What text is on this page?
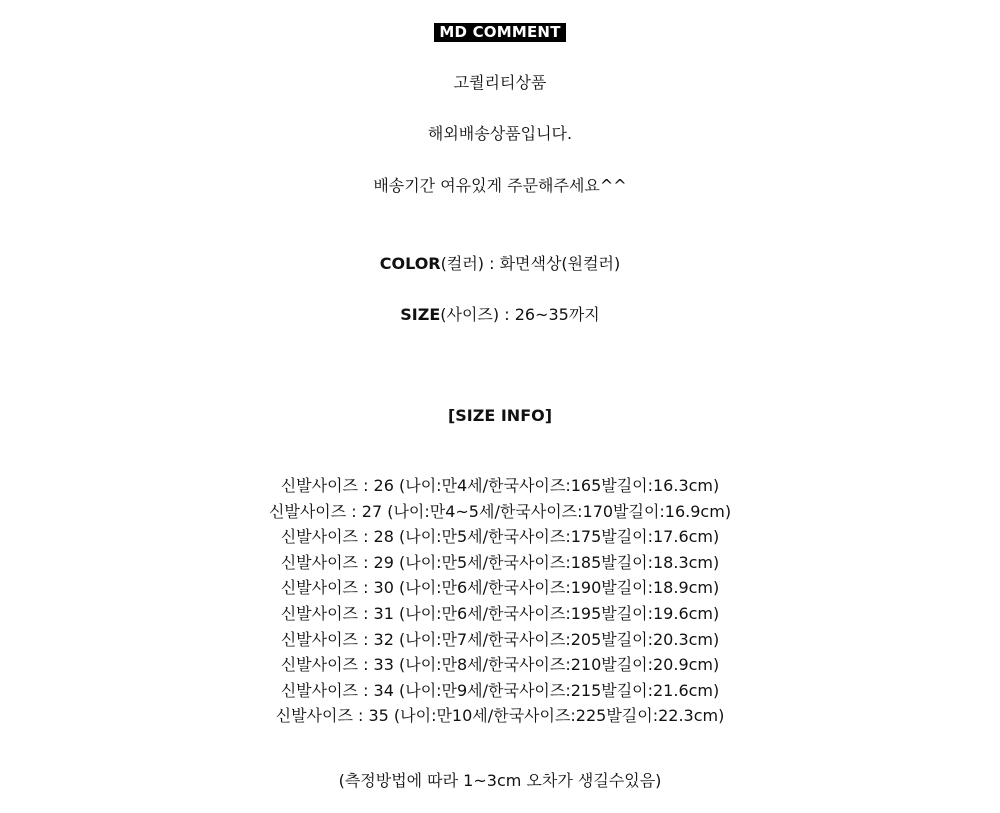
MD COMMENT
고퀄리티상품
해외배송상품입니다.
배송기간 여유있게 주문해주세요^^
COLOR(컬러) : 화면색상(원컬러)
SIZE(사이즈) : 26~35까지
[SIZE INFO]
신발사이즈 : 26 (나이:만4세/한국사이즈:165발길이:16.3cm)
신발사이즈 : 27 (나이:만4~5세/한국사이즈:170발길이:16.9cm)
신발사이즈 : 28 (나이:만5세/한국사이즈:175발길이:17.6cm)
신발사이즈 : 29 (나이:만5세/한국사이즈:185발길이:18.3cm)
신발사이즈 : 30 (나이:만6세/한국사이즈:190발길이:18.9cm)
신발사이즈 : 31 (나이:만6세/한국사이즈:195발길이:19.6cm)
신발사이즈 : 32 (나이:만7세/한국사이즈:205발길이:20.3cm)
신발사이즈 : 33 (나이:만8세/한국사이즈:210발길이:20.9cm)
신발사이즈 : 34 (나이:만9세/한국사이즈:215발길이:21.6cm)
신발사이즈 : 35 (나이:만10세/한국사이즈:225발길이:22.3cm)
(측정방법에 따라 1~3cm 오차가 생길수있음)
